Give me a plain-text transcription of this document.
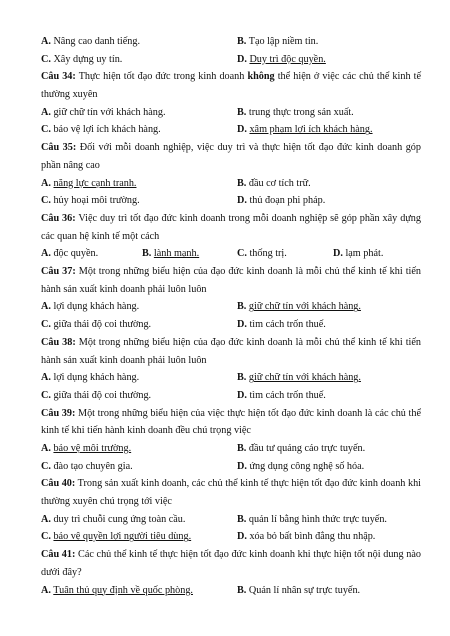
A. Nâng cao danh tiếng.	B. Tạo lập niềm tin.
C. Xây dựng uy tín.	D. Duy trì độc quyền.
Câu 34: Thực hiện tốt đạo đức trong kinh doanh không thể hiện ở việc các chủ thể kinh tế thường xuyên
A. giữ chữ tín với khách hàng.	B. trung thực trong sản xuất.
C. bảo vệ lợi ích khách hàng.	D. xâm phạm lợi ích khách hàng.
Câu 35: Đối với mỗi doanh nghiệp, việc duy trì và thực hiện tốt đạo đức kinh doanh góp phần nâng cao
A. năng lực cạnh tranh.	B. đầu cơ tích trữ.
C. hủy hoại môi trường.	D. thủ đoạn phi pháp.
Câu 36: Việc duy trì tốt đạo đức kinh doanh trong mỗi doanh nghiệp sẽ góp phần xây dựng các quan hệ kinh tế một cách
A. độc quyền.	B. lành mạnh.	C. thống trị.	D. lạm phát.
Câu 37: Một trong những biểu hiện của đạo đức kinh doanh là mỗi chủ thể kinh tế khi tiến hành sản xuất kinh doanh phải luôn luôn
A. lợi dụng khách hàng.	B. giữ chữ tín với khách hàng.
C. giữa thái độ coi thường.	D. tìm cách trốn thuế.
Câu 38: Một trong những biểu hiện của đạo đức kinh doanh là mỗi chủ thể kinh tế khi tiến hành sản xuất kinh doanh phải luôn luôn
A. lợi dụng khách hàng.	B. giữ chữ tín với khách hàng.
C. giữa thái độ coi thường.	D. tìm cách trốn thuế.
Câu 39: Một trong những biểu hiện của việc thực hiện tốt đạo đức kinh doanh là các chủ thể kinh tế khi tiến hành kinh doanh đều chú trọng việc
A. bảo vệ môi trường.	B. đầu tư quảng cáo trực tuyến.
C. đào tạo chuyên gia.	D. ứng dụng công nghệ số hóa.
Câu 40: Trong sản xuất kinh doanh, các chủ thể kinh tế thực hiện tốt đạo đức kinh doanh khi thường xuyên chú trọng tới việc
A. duy trì chuỗi cung ứng toàn cầu.	B. quản lí bằng hình thức trực tuyến.
C. bảo vệ quyền lợi người tiêu dùng.	D. xóa bỏ bất bình đẳng thu nhập.
Câu 41: Các chủ thể kinh tế thực hiện tốt đạo đức kinh doanh khi thực hiện tốt nội dung nào dưới đây?
A. Tuân thủ quy định về quốc phòng.	B. Quản lí nhân sự trực tuyến.
